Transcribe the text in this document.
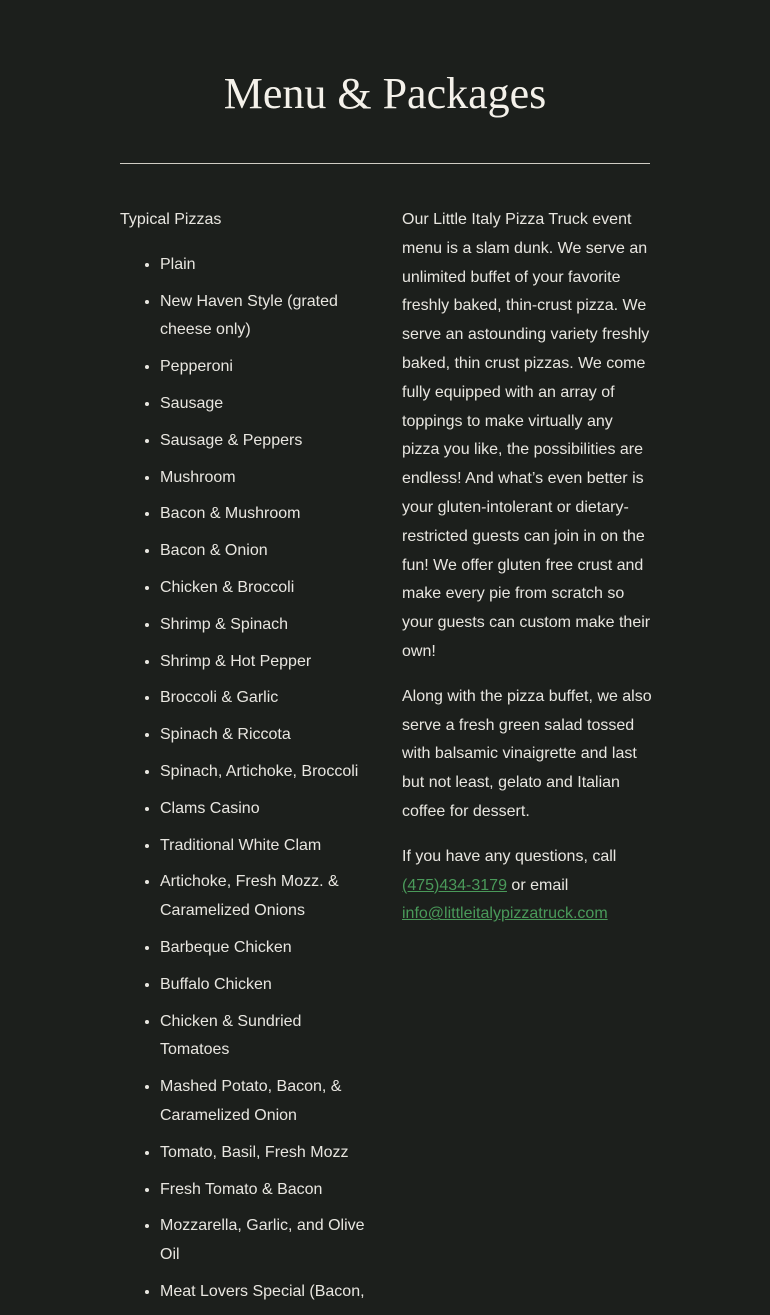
Menu & Packages

Typical Pizzas

• Plain
• New Haven Style (grated cheese only)
• Pepperoni
• Sausage
• Sausage & Peppers
• Mushroom
• Bacon & Mushroom
• Bacon & Onion
• Chicken & Broccoli
• Shrimp & Spinach
• Shrimp & Hot Pepper
• Broccoli & Garlic
• Spinach & Riccota
• Spinach, Artichoke, Broccoli
• Clams Casino
• Traditional White Clam
• Artichoke, Fresh Mozz. & Caramelized Onions
• Barbeque Chicken
• Buffalo Chicken
• Chicken & Sundried Tomatoes
• Mashed Potato, Bacon, & Caramelized Onion
• Tomato, Basil, Fresh Mozz
• Fresh Tomato & Bacon
• Mozzarella, Garlic, and Olive Oil
• Meat Lovers Special (Bacon,

Our Little Italy Pizza Truck event menu is a slam dunk. We serve an unlimited buffet of your favorite freshly baked, thin-crust pizza. We serve an astounding variety freshly baked, thin crust pizzas. We come fully equipped with an array of toppings to make virtually any pizza you like, the possibilities are endless! And what’s even better is your gluten-intolerant or dietary-restricted guests can join in on the fun! We offer gluten free crust and make every pie from scratch so your guests can custom make their own!

Along with the pizza buffet, we also serve a fresh green salad tossed with balsamic vinaigrette and last but not least, gelato and Italian coffee for dessert.

If you have any questions, call (475)434-3179 or email info@littleitalypizzatruck.com
